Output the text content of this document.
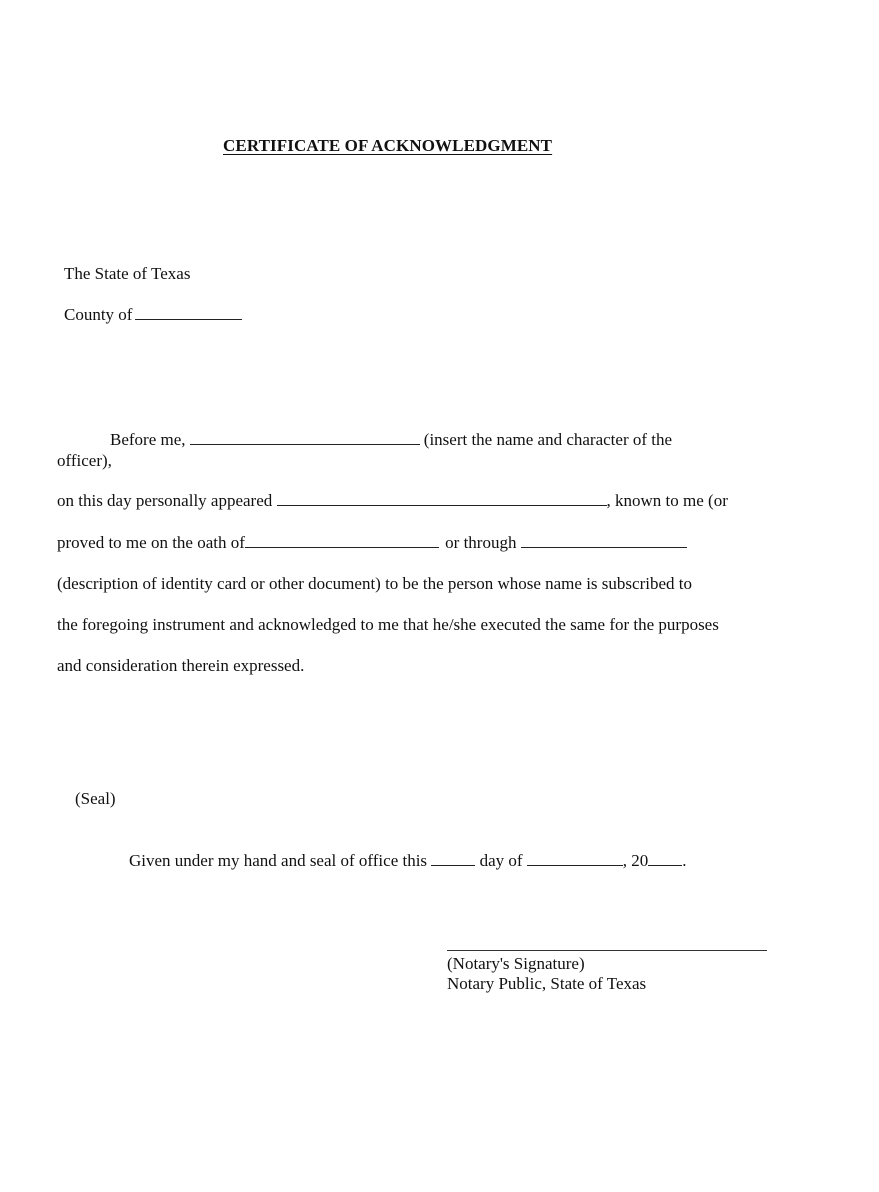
CERTIFICATE OF ACKNOWLEDGMENT
The State of Texas
County of
Before me,	(insert the name and character of the
officer),
on this day personally appeared	, known to me (or
proved to me on the oath of	or through
(description of identity card or other document) to be the person whose name is subscribed to
the foregoing instrument and acknowledged to me that he/she executed the same for the purposes
and consideration therein expressed.
(Seal)
Given under my hand and seal of office this	day of	, 20 .
(Notary's Signature)
Notary Public, State of Texas
